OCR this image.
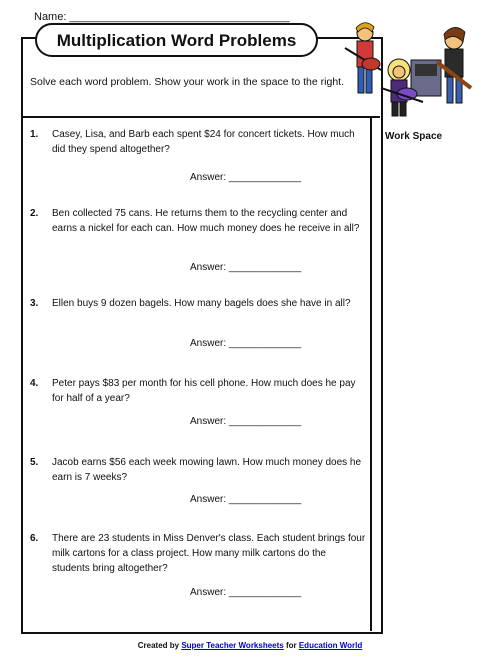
Name: ____________________________________
Multiplication Word Problems
Solve each word problem. Show your work in the space to the right.
Work Space
1. Casey, Lisa, and Barb each spent $24 for concert tickets. How much did they spend altogether?
Answer: _____________
2. Ben collected 75 cans. He returns them to the recycling center and earns a nickel for each can. How much money does he receive in all?
Answer: _____________
3. Ellen buys 9 dozen bagels. How many bagels does she have in all?
Answer: _____________
4. Peter pays $83 per month for his cell phone. How much does he pay for half of a year?
Answer: _____________
5. Jacob earns $56 each week mowing lawn. How much money does he earn is 7 weeks?
Answer: _____________
6. There are 23 students in Miss Denver's class. Each student brings four milk cartons for a class project. How many milk cartons do the students bring altogether?
Answer: _____________
Created by Super Teacher Worksheets for Education World
